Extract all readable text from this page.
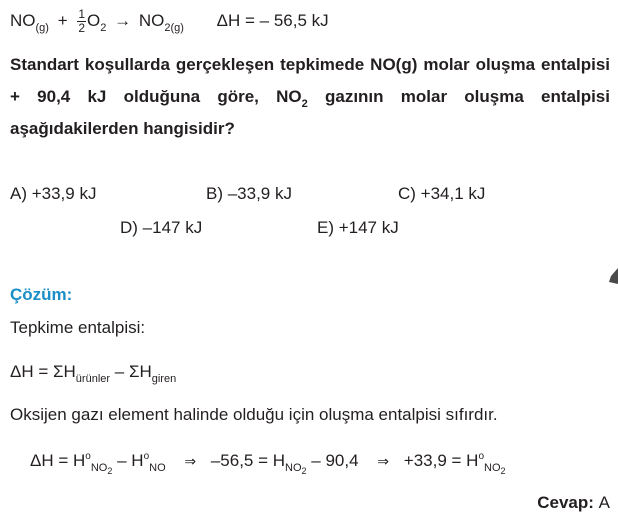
$NO_{(g)} + \frac{1}{2} O_2 \to NO_{2(g)}$ ΔH = – 56,5 kJ
Standart koşullarda gerçekleşen tepkimede NO(g) molar oluşma entalpisi + 90,4 kJ olduğuna göre, $NO_2$ gazının molar oluşma entalpisi aşağıdakilerden hangisidir?
A) +33,9 kJ	B) –33,9 kJ	C) +34,1 kJ
D) –147 kJ	E) +147 kJ
Çözüm:
Tepkime entalpisi:
$\Delta H = \Sigma H_{ürünler} - \Sigma H_{giren}$
Oksijen gazı element halinde olduğu için oluşma entalpisi sıfırdır.
$\Delta H = H^o_{NO_2} - H^o_{NO}$ ⇒ $-56,5 = H_{NO_2} - 90,4$ ⇒ $+33,9 = H^o_{NO_2}$
Cevap: A
